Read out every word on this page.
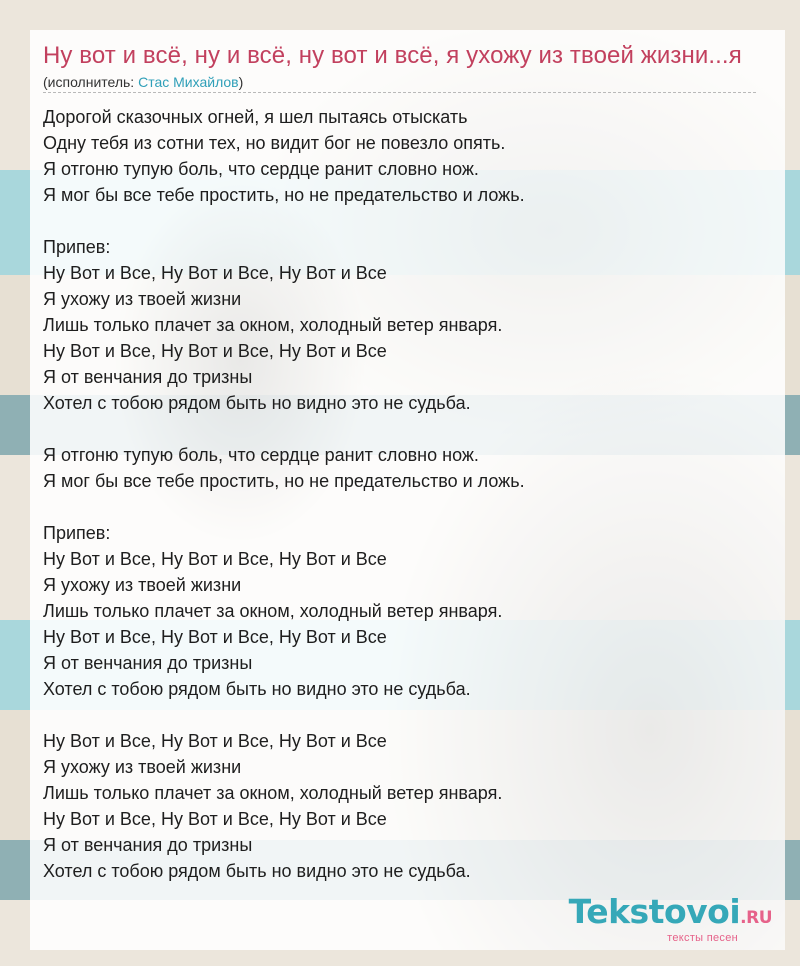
Ну вот и всё, ну и всё, ну вот и всё, я ухожу из твоей жизни...я
(исполнитель: Стас Михайлов)
Дорогой сказочных огней, я шел пытаясь отыскать
Одну тебя из сотни тех, но видит бог не повезло опять.
Я отгоню тупую боль, что сердце ранит словно нож.
Я мог бы все тебе простить, но не предательство и ложь.
Припев:
Ну Вот и Все, Ну Вот и Все, Ну Вот и Все
Я ухожу из твоей жизни
Лишь только плачет за окном, холодный ветер января.
Ну Вот и Все, Ну Вот и Все, Ну Вот и Все
Я от венчания до тризны
Хотел с тобою рядом быть но видно это не судьба.
Я отгоню тупую боль, что сердце ранит словно нож.
Я мог бы все тебе простить, но не предательство и ложь.
Припев:
Ну Вот и Все, Ну Вот и Все, Ну Вот и Все
Я ухожу из твоей жизни
Лишь только плачет за окном, холодный ветер января.
Ну Вот и Все, Ну Вот и Все, Ну Вот и Все
Я от венчания до тризны
Хотел с тобою рядом быть но видно это не судьба.
Ну Вот и Все, Ну Вот и Все, Ну Вот и Все
Я ухожу из твоей жизни
Лишь только плачет за окном, холодный ветер января.
Ну Вот и Все, Ну Вот и Все, Ну Вот и Все
Я от венчания до тризны
Хотел с тобою рядом быть но видно это не судьба.
Tekstovoi.RU
тексты песен
